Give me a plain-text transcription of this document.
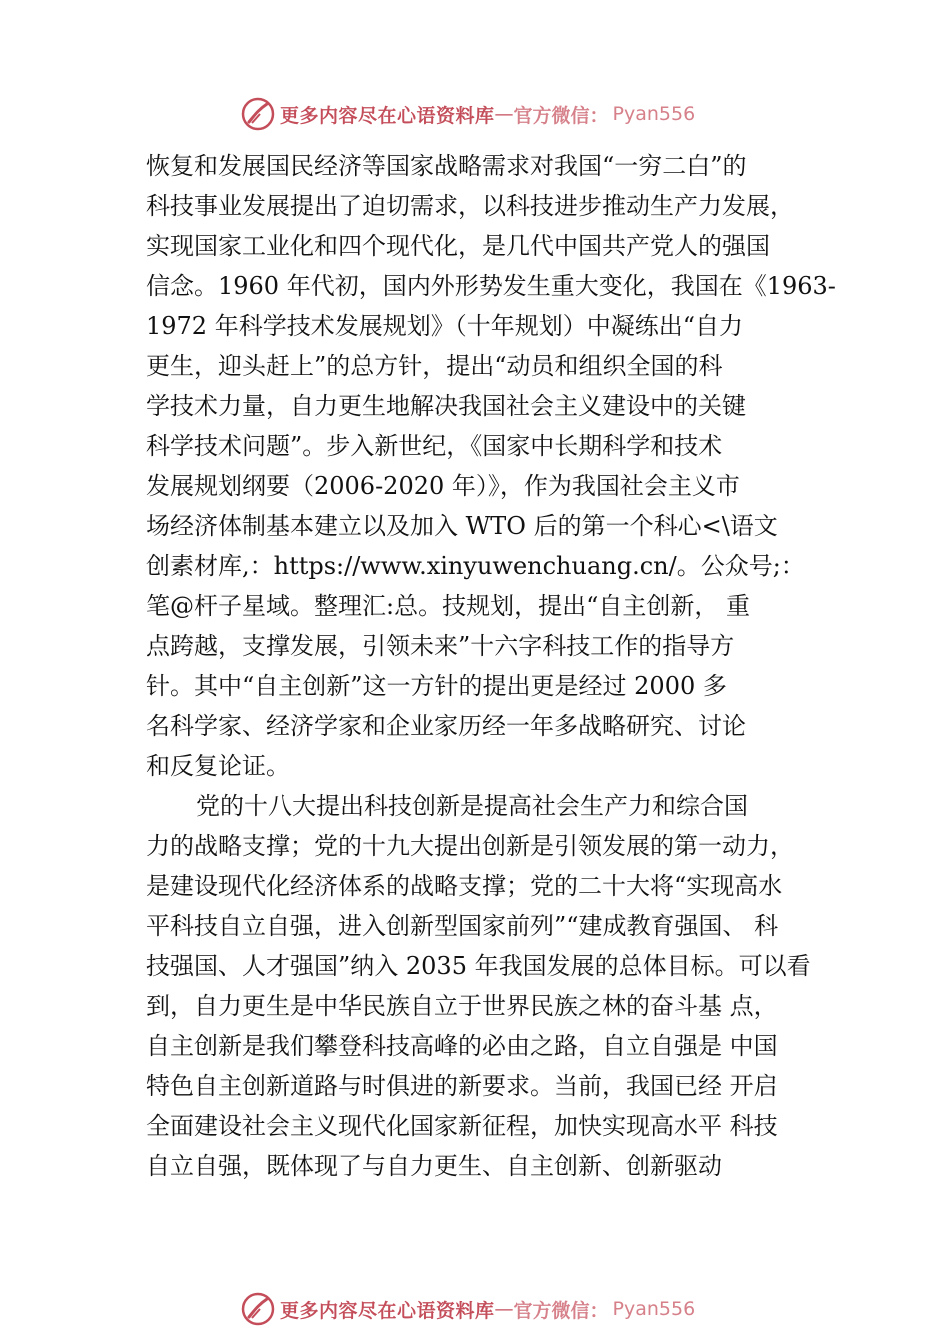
更多内容尽在心语资料库 — 官方微信： Pyan556
恢复和发展国民经济等国家战略需求对我国“一穷二白”的
科技事业发展提出了迫切需求，以科技进步推动生产力发展，
实现国家工业化和四个现代化，是几代中国共产党人的强国
信念。1960 年代初，国内外形势发生重大变化，我国在《1963-
1972 年科学技术发展规划》（十年规划）中凝练出“自力
更生，迎头赶上”的总方针，提出“动员和组织全国的科
学技术力量，自力更生地解决我国社会主义建设中的关键
科学技术问题”。步入新世纪，《国家中长期科学和技术
发展规划纲要（2006-2020 年）》，作为我国社会主义市
场经济体制基本建立以及加入 WTO 后的第一个科心<\语文
创素材库,：https://www.xinyuwenchuang.cn/。公众号;：
笔@杆子星域。整理汇:总。技规划，提出“自主创新， 重
点跨越，支撑发展，引领未来”十六字科技工作的指导方
针。其中“自主创新”这一方针的提出更是经过 2000 多
名科学家、经济学家和企业家历经一年多战略研究、讨论
和反复论证。
党的十八大提出科技创新是提高社会生产力和综合国
力的战略支撑；党的十九大提出创新是引领发展的第一动力，
是建设现代化经济体系的战略支撑；党的二十大将“实现高水
平科技自立自强，进入创新型国家前列”“建成教育强国、 科
技强国、人才强国”纳入 2035 年我国发展的总体目标。可以看
到，自力更生是中华民族自立于世界民族之林的奋斗基 点，
自主创新是我们攀登科技高峰的必由之路，自立自强是 中国
特色自主创新道路与时俱进的新要求。当前，我国已经 开启
全面建设社会主义现代化国家新征程，加快实现高水平 科技
自立自强，既体现了与自力更生、自主创新、创新驱动
更多内容尽在心语资料库 — 官方微信： Pyan556
